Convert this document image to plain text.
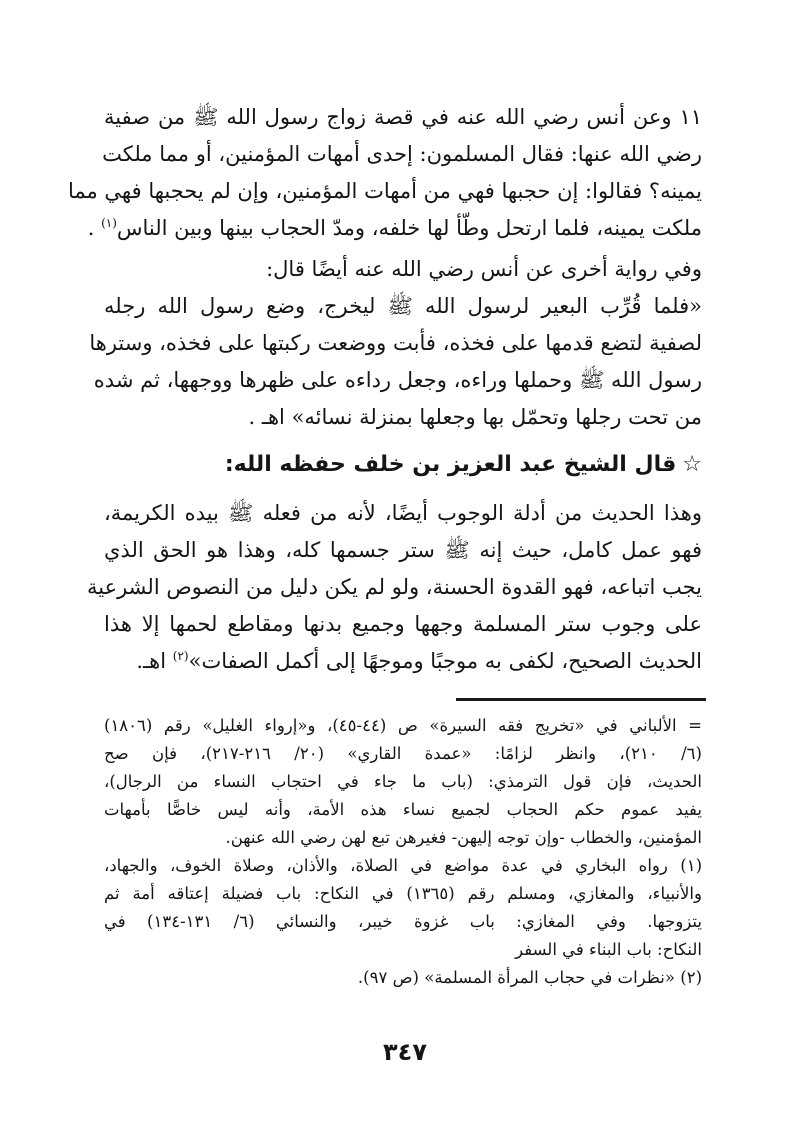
١١ وعن أنس رضي الله عنه في قصة زواج رسول الله ﷺ من صفية
رضي الله عنها: فقال المسلمون: إحدى أمهات المؤمنين، أو مما ملكت
يمينه؟ فقالوا: إن حجبها فهي من أمهات المؤمنين، وإن لم يحجبها فهي مما
ملكت يمينه، فلما ارتحل وطّأ لها خلفه، ومدّ الحجاب بينها وبين الناس$^{(١)}$ .
وفي رواية أخرى عن أنس رضي الله عنه أيضًا قال:
«فلما قُرِّب البعير لرسول الله ﷺ ليخرج، وضع رسول الله رجله
لصفية لتضع قدمها على فخذه، فأبت ووضعت ركبتها على فخذه، وسترها
رسول الله ﷺ وحملها وراءه، وجعل رداءه على ظهرها ووجهها، ثم شده
من تحت رجلها وتحمّل بها وجعلها بمنزلة نسائه» اهـ .
☆قال الشيخ عبد العزيز بن خلف حفظه الله:
وهذا الحديث من أدلة الوجوب أيضًا، لأنه من فعله ﷺ بيده الكريمة،
فهو عمل كامل، حيث إنه ﷺ ستر جسمها كله، وهذا هو الحق الذي
يجب اتباعه، فهو القدوة الحسنة، ولو لم يكن دليل من النصوص الشرعية
على وجوب ستر المسلمة وجهها وجميع بدنها ومقاطع لحمها إلا هذا
الحديث الصحيح، لكفى به موجبًا وموجهًا إلى أكمل الصفات»$^{(٢)}$ اهـ.
= الألباني في «تخريج فقه السيرة» ص (٤٤-٤٥)، و«إرواء الغليل» رقم (١٨٠٦)
(٦/ ٢١٠)، وانظر لزامًا: «عمدة القاري» (٢٠/ ٢١٦-٢١٧)، فإن صح
الحديث، فإن قول الترمذي: (باب ما جاء في احتجاب النساء من الرجال)،
يفيد عموم حكم الحجاب لجميع نساء هذه الأمة، وأنه ليس خاصًّا بأمهات
المؤمنين، والخطاب -وإن توجه إليهن- فغيرهن تبع لهن رضي الله عنهن.
(١) رواه البخاري في عدة مواضع في الصلاة، والأذان، وصلاة الخوف، والجهاد،
والأنبياء، والمغازي، ومسلم رقم (١٣٦٥) في النكاح: باب فضيلة إعتاقه أمة ثم
يتزوجها. وفي المغازي: باب غزوة خيبر، والنسائي (٦/ ١٣١-١٣٤) في
النكاح: باب البناء في السفر
(٢) «نظرات في حجاب المرأة المسلمة» (ص ٩٧).
٣٤٧
